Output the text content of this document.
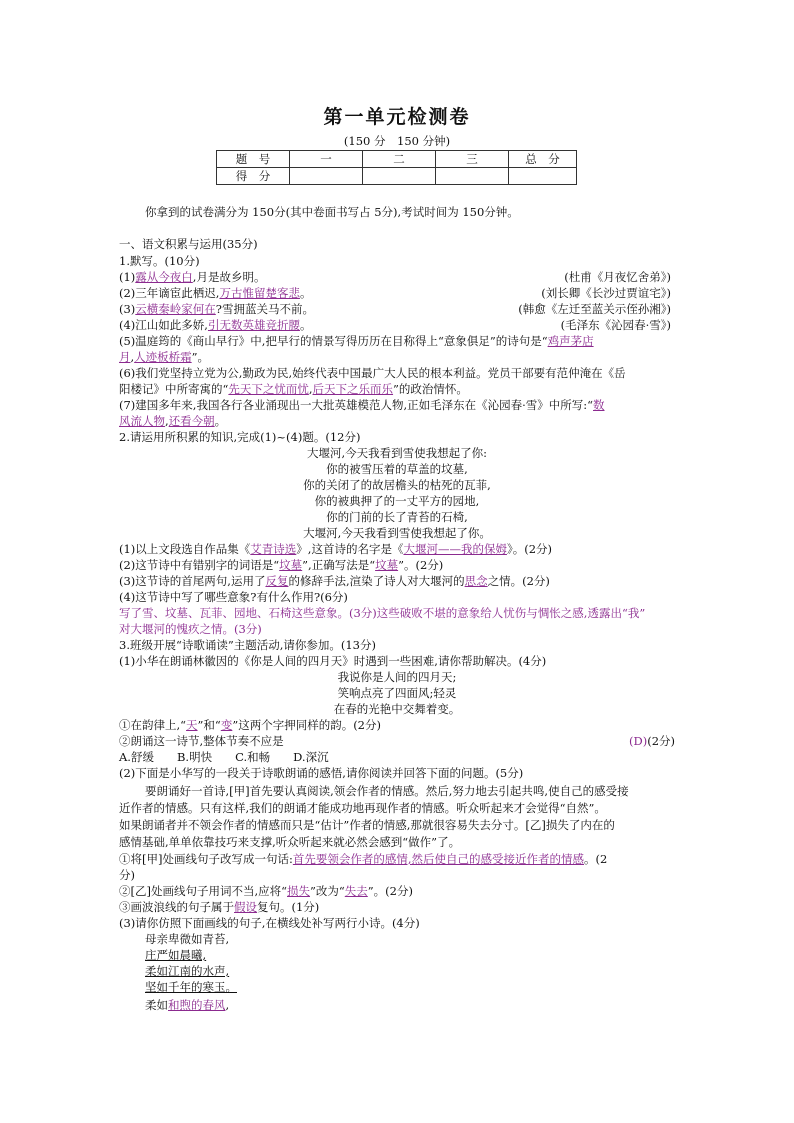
第一单元检测卷
(150 分　150 分钟)
题　号	一	二	三	总　分
得　分				
你拿到的试卷满分为 150分(其中卷面书写占 5分),考试时间为 150分钟。
一、语文积累与运用(35分)
1.默写。(10分)
(1)露从今夜白,月是故乡明。	(杜甫《月夜忆舍弟》)
(2)三年谪宦此栖迟,万古惟留楚客悲。	(刘长卿《长沙过贾谊宅》)
(3)云横秦岭家何在?雪拥蓝关马不前。	(韩愈《左迁至蓝关示侄孙湘》)
(4)江山如此多娇,引无数英雄竞折腰。	(毛泽东《沁园春·雪》)
(5)温庭筠的《商山早行》中,把早行的情景写得历历在目称得上“意象俱足”的诗句是“鸡声茅店
月,人迹板桥霜”。
(6)我们党坚持立党为公,勤政为民,始终代表中国最广大人民的根本利益。党员干部要有范仲淹在《岳
阳楼记》中所寄寓的“先天下之忧而忧,后天下之乐而乐”的政治情怀。
(7)建国多年来,我国各行各业涌现出一大批英雄模范人物,正如毛泽东在《沁园春·雪》中所写:“数
风流人物,还看今朝。
2.请运用所积累的知识,完成(1)~(4)题。(12分)
大堰河,今天我看到雪使我想起了你:
你的被雪压着的草盖的坟墓,
你的关闭了的故居檐头的枯死的瓦菲,
你的被典押了的一丈平方的园地,
你的门前的长了青苔的石椅,
大堰河,今天我看到雪使我想起了你。
(1)以上文段选自作品集《艾青诗选》,这首诗的名字是《大堰河——我的保姆》。(2分)
(2)这节诗中有错别字的词语是“坟墓”,正确写法是“坟墓”。(2分)
(3)这节诗的首尾两句,运用了反复的修辞手法,渲染了诗人对大堰河的思念之情。(2分)
(4)这节诗中写了哪些意象?有什么作用?(6分)
写了雪、坟墓、瓦菲、园地、石椅这些意象。(3分)这些破败不堪的意象给人忧伤与惆怅之感,透露出“我”
对大堰河的愧疚之情。(3分)
3.班级开展“诗歌诵读”主题活动,请你参加。(13分)
(1)小华在朗诵林徽因的《你是人间的四月天》时遇到一些困难,请你帮助解决。(4分)
我说你是人间的四月天;
笑响点亮了四面风;轻灵
在春的光艳中交舞着变。
①在韵律上,“天”和“变”这两个字押同样的韵。(2分)
②朗诵这一诗节,整体节奏不应是	(D)(2分)
A.舒缓　　B.明快　　C.和畅　　D.深沉
(2)下面是小华写的一段关于诗歌朗诵的感悟,请你阅读并回答下面的问题。(5分)
要朗诵好一首诗,[甲]首先要认真阅读,领会作者的情感。然后,努力地去引起共鸣,使自己的感受接
近作者的情感。只有这样,我们的朗诵才能成功地再现作者的情感。听众听起来才会觉得“自然”。
如果朗诵者并不领会作者的情感而只是“估计”作者的情感,那就很容易失去分寸。[乙]损失了内在的
感情基础,单单依靠技巧来支撑,听众听起来就必然会感到“做作”了。
①将[甲]处画线句子改写成一句话:首先要领会作者的感情,然后使自己的感受接近作者的情感。(2
分)
②[乙]处画线句子用词不当,应将“损失”改为“失去”。(2分)
③画波浪线的句子属于假设复句。(1分)
(3)请你仿照下面画线的句子,在横线处补写两行小诗。(4分)
母亲卑微如青苔,
庄严如晨曦,
柔如江南的水声,
坚如千年的寒玉。
柔如和煦的春风,
